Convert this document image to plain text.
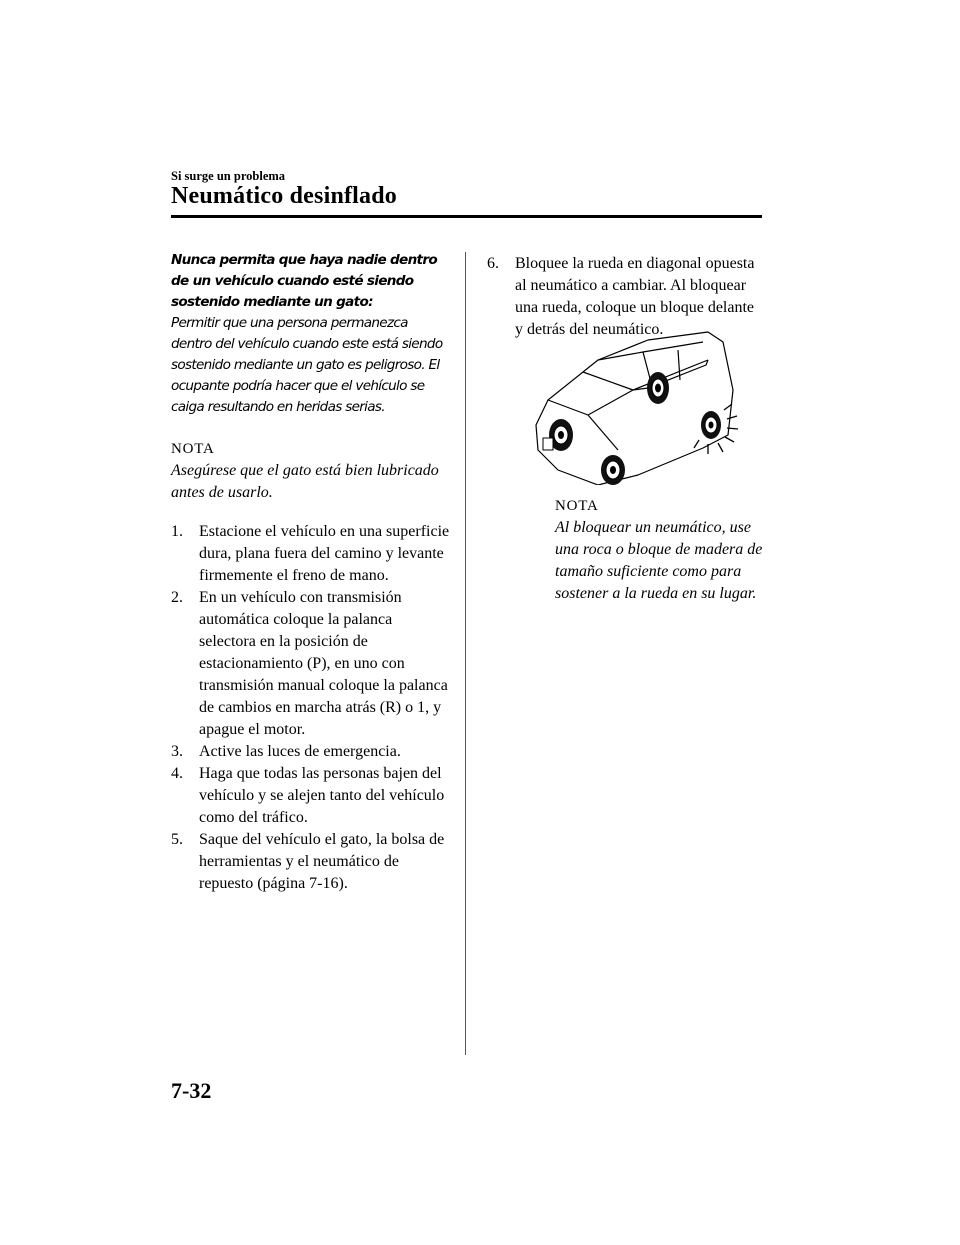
Si surge un problema
Neumático desinflado

Nunca permita que haya nadie dentro de un vehículo cuando esté siendo sostenido mediante un gato:

Permitir que una persona permanezca dentro del vehículo cuando este está siendo sostenido mediante un gato es peligroso. El ocupante podría hacer que el vehículo se caiga resultando en heridas serias.

NOTA

Asegúrese que el gato está bien lubricado antes de usarlo.

1. Estacione el vehículo en una superficie dura, plana fuera del camino y levante firmemente el freno de mano.
2. En un vehículo con transmisión automática coloque la palanca selectora en la posición de estacionamiento (P), en uno con transmisión manual coloque la palanca de cambios en marcha atrás (R) o 1, y apague el motor.
3. Active las luces de emergencia.
4. Haga que todas las personas bajen del vehículo y se alejen tanto del vehículo como del tráfico.
5. Saque del vehículo el gato, la bolsa de herramientas y el neumático de repuesto (página 7-16).
6. Bloquee la rueda en diagonal opuesta al neumático a cambiar. Al bloquear una rueda, coloque un bloque delante y detrás del neumático.

NOTA

Al bloquear un neumático, use una roca o bloque de madera de tamaño suficiente como para sostener a la rueda en su lugar.

7-32
